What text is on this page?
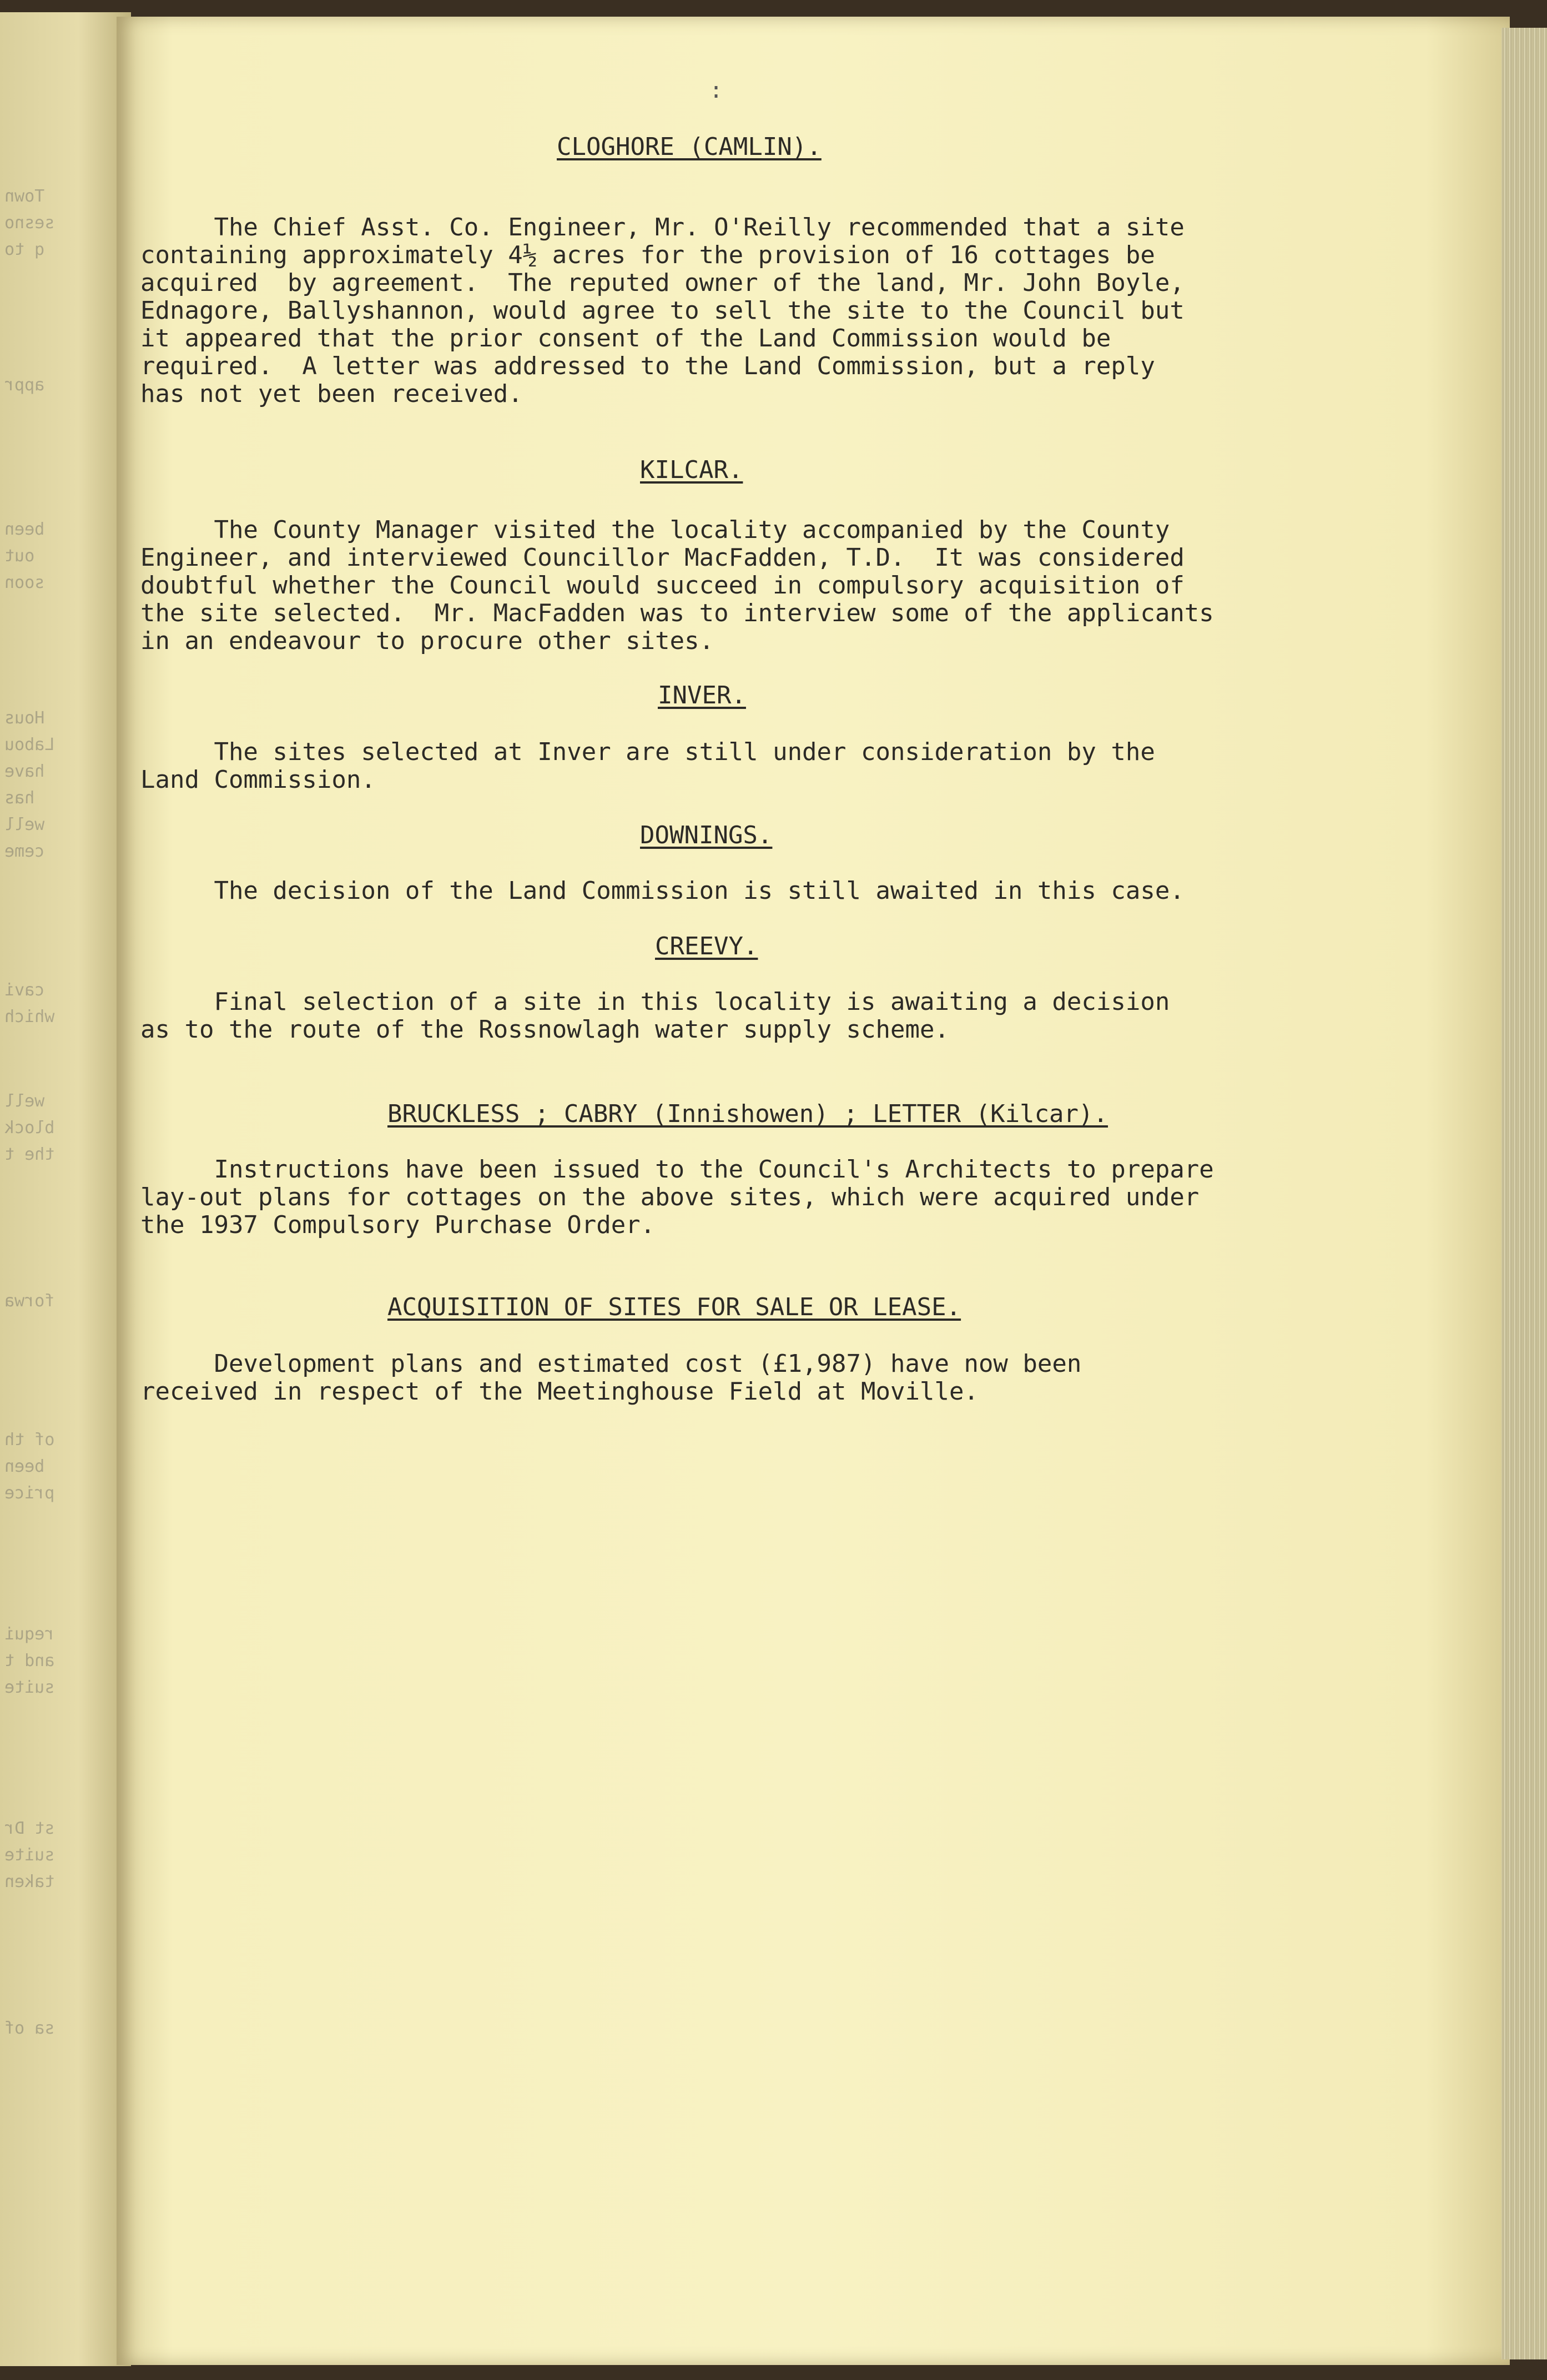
Town
sesno
q to
appr
been
out
soon
Hous
Labou
have
has
well
ceme
cavi
which
well
block
the t
forwa
of th
been
price
requi
and t
suite
st Dr
suite
taken
sa of
:
CLOGHORE (CAMLIN).
The Chief Asst. Co. Engineer, Mr. O'Reilly recommended that a site
containing approximately 4½ acres for the provision of 16 cottages be
acquired  by agreement.  The reputed owner of the land, Mr. John Boyle,
Ednagore, Ballyshannon, would agree to sell the site to the Council but
it appeared that the prior consent of the Land Commission would be
required.  A letter was addressed to the Land Commission, but a reply
has not yet been received.
KILCAR.
The County Manager visited the locality accompanied by the County
Engineer, and interviewed Councillor MacFadden, T.D.  It was considered
doubtful whether the Council would succeed in compulsory acquisition of
the site selected.  Mr. MacFadden was to interview some of the applicants
in an endeavour to procure other sites.
INVER.
The sites selected at Inver are still under consideration by the
Land Commission.
DOWNINGS.
The decision of the Land Commission is still awaited in this case.
CREEVY.
Final selection of a site in this locality is awaiting a decision
as to the route of the Rossnowlagh water supply scheme.
BRUCKLESS ; CABRY (Innishowen) ; LETTER (Kilcar).
Instructions have been issued to the Council's Architects to prepare
lay-out plans for cottages on the above sites, which were acquired under
the 1937 Compulsory Purchase Order.
ACQUISITION OF SITES FOR SALE OR LEASE.
Development plans and estimated cost (£1,987) have now been
received in respect of the Meetinghouse Field at Moville.
